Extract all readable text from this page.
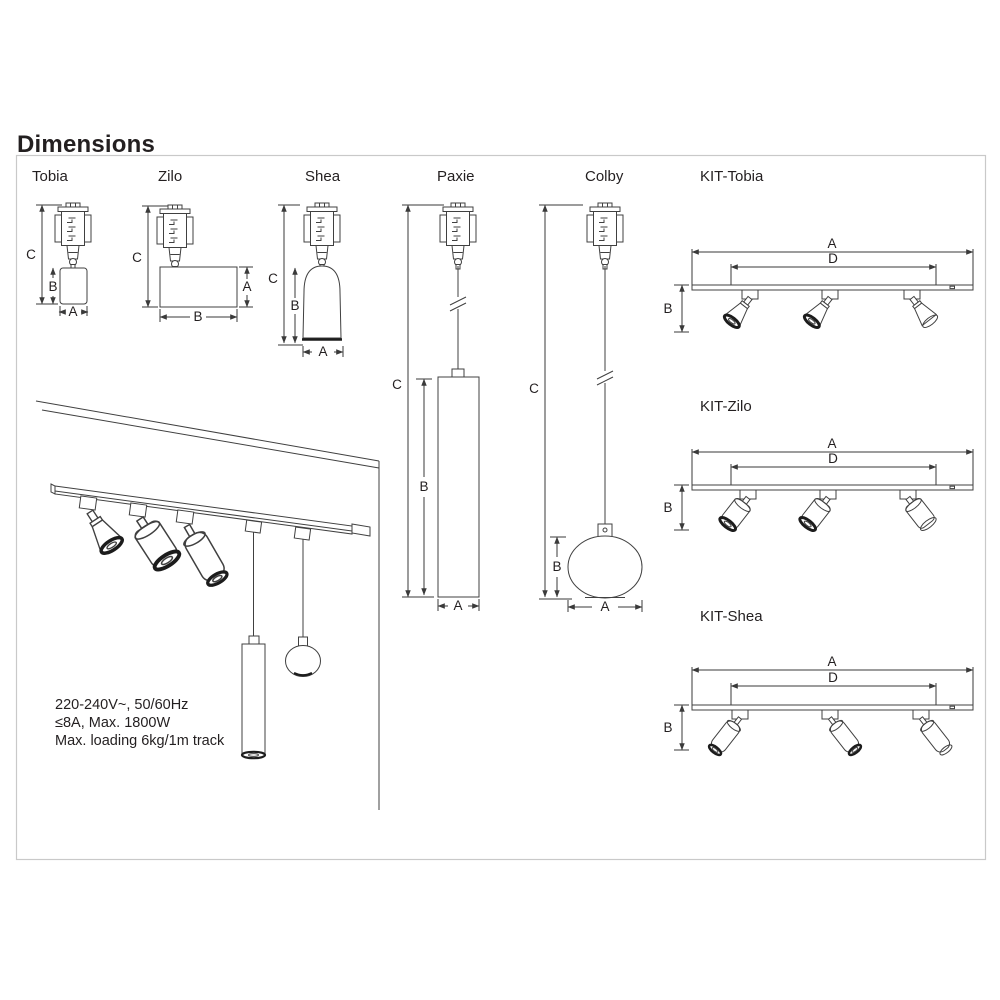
Dimensions
Tobia
C
B
A
Zilo
C
A
B
Shea
C
B
A
Paxie
C
B
A
Colby
C
B
A
KIT-Tobia
A
D
B
KIT-Zilo
A
D
B
KIT-Shea
A
D
B
220-240V~, 50/60Hz
≤8A, Max. 1800W
Max. loading 6kg/1m track
